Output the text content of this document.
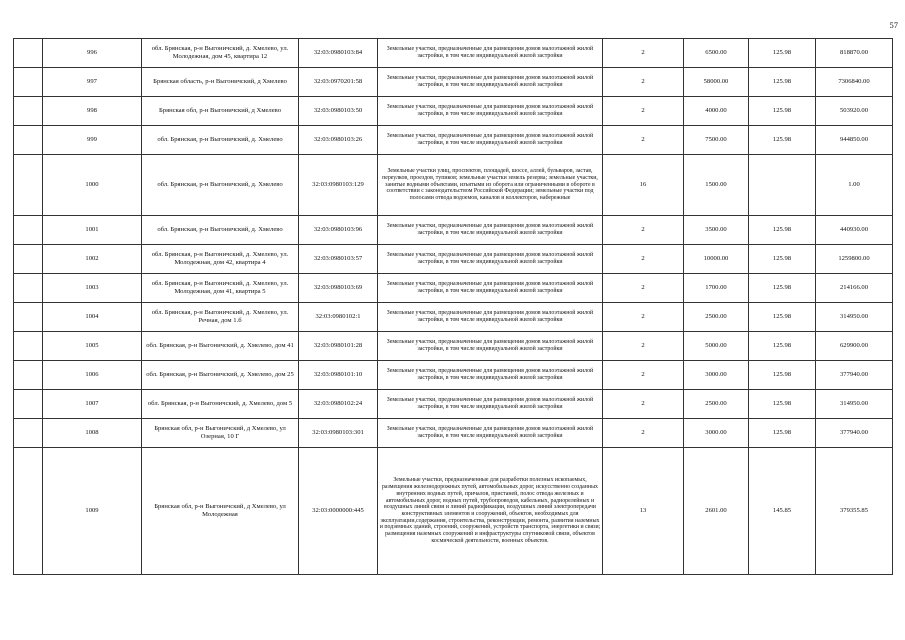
57
	996	обл. Брянская, р-н Выгоничский, д. Хмелево, ул. Молодежная, дом 45, квартира 12	32:03:0980103:84	Земельные участки, предназначенные для размещения домов малоэтажной жилой застройки, в том числе индивидуальной жилой застройки	2	6500.00	125.98	818870.00
	997	Брянская область, р-н Выгоничский, д Хмелево	32:03:0970201:58	Земельные участки, предназначенные для размещения домов малоэтажной жилой застройки, в том числе индивидуальной жилой застройки	2	58000.00	125.98	7306840.00
	998	Брянская обл, р-н Выгоничский, д Хмелево	32:03:0980103:50	Земельные участки, предназначенные для размещения домов малоэтажной жилой застройки, в том числе индивидуальной жилой застройки	2	4000.00	125.98	503920.00
	999	обл. Брянская, р-н Выгоничский, д. Хмелево	32:03:0980103:26	Земельные участки, предназначенные для размещения домов малоэтажной жилой застройки, в том числе индивидуальной жилой застройки	2	7500.00	125.98	944850.00
	1000	обл. Брянская, р-н Выгоничский, д. Хмелево	32:03:0980103:129	Земельные участки улиц, проспектов, площадей, шоссе, аллей, бульваров, застав, переулков, проездов, тупиков; земельные участки земель резерва; земельные участки, занятые водными объектами, изъятыми из оборота или ограниченными в обороте в соответствии с законодательством Российской Федерации; земельные участки под полосами отвода водоемов, каналов и коллекторов, набережные	16	1500.00		1.00
	1001	обл. Брянская, р-н Выгоничский, д. Хмелево	32:03:0980103:96	Земельные участки, предназначенные для размещения домов малоэтажной жилой застройки, в том числе индивидуальной жилой застройки	2	3500.00	125.98	440930.00
	1002	обл. Брянская, р-н Выгоничский, д. Хмелево, ул. Молодежная, дом 42, квартира 4	32:03:0980103:57	Земельные участки, предназначенные для размещения домов малоэтажной жилой застройки, в том числе индивидуальной жилой застройки	2	10000.00	125.98	1259800.00
	1003	обл. Брянская, р-н Выгоничский, д. Хмелево, ул. Молодежная, дом 41, квартира 5	32:03:0980103:69	Земельные участки, предназначенные для размещения домов малоэтажной жилой застройки, в том числе индивидуальной жилой застройки	2	1700.00	125.98	214166.00
	1004	обл. Брянская, р-н Выгоничский, д. Хмелево, ул. Речная, дом 1.б	32:03:0980102:1	Земельные участки, предназначенные для размещения домов малоэтажной жилой застройки, в том числе индивидуальной жилой застройки	2	2500.00	125.98	314950.00
	1005	обл. Брянская, р-н Выгоничский, д. Хмелево, дом 41	32:03:0980101:28	Земельные участки, предназначенные для размещения домов малоэтажной жилой застройки, в том числе индивидуальной жилой застройки	2	5000.00	125.98	629900.00
	1006	обл. Брянская, р-н Выгоничский, д. Хмелево, дом 25	32:03:0980101:10	Земельные участки, предназначенные для размещения домов малоэтажной жилой застройки, в том числе индивидуальной жилой застройки	2	3000.00	125.98	377940.00
	1007	обл. Брянская, р-н Выгоничский, д. Хмелево, дом 5	32:03:0980102:24	Земельные участки, предназначенные для размещения домов малоэтажной жилой застройки, в том числе индивидуальной жилой застройки	2	2500.00	125.98	314950.00
	1008	Брянская обл, р-н Выгоничский, д Хмелево, ул Озерная, 10 Г	32:03:0980103:301	Земельные участки, предназначенные для размещения домов малоэтажной жилой застройки, в том числе индивидуальной жилой застройки	2	3000.00	125.98	377940.00
	1009	Брянская обл, р-н Выгоничский, д Хмелево, ул Молодежная	32:03:0000000:445	Земельные участки, предназначенные для разработки полезных ископаемых, размещения железнодорожных путей, автомобильных дорог, искусственно созданных внутренних водных путей, причалов, пристаней, полос отвода железных и автомобильных дорог, водных путей, трубопроводов, кабельных, радиорелейных и воздушных линий связи и линий радиофикации, воздушных линий электропередачи конструктивных элементов и сооружений, объектов, необходимых для эксплуатации,содержания, строительства, реконструкции, ремонта, развития наземных и подземных зданий, строений, сооружений, устройств транспорта, энергетики и связи; размещения наземных сооружений и инфраструктуры спутниковой связи, объектов космической деятельности, военных объектов.	13	2601.00	145.85	379355.85
